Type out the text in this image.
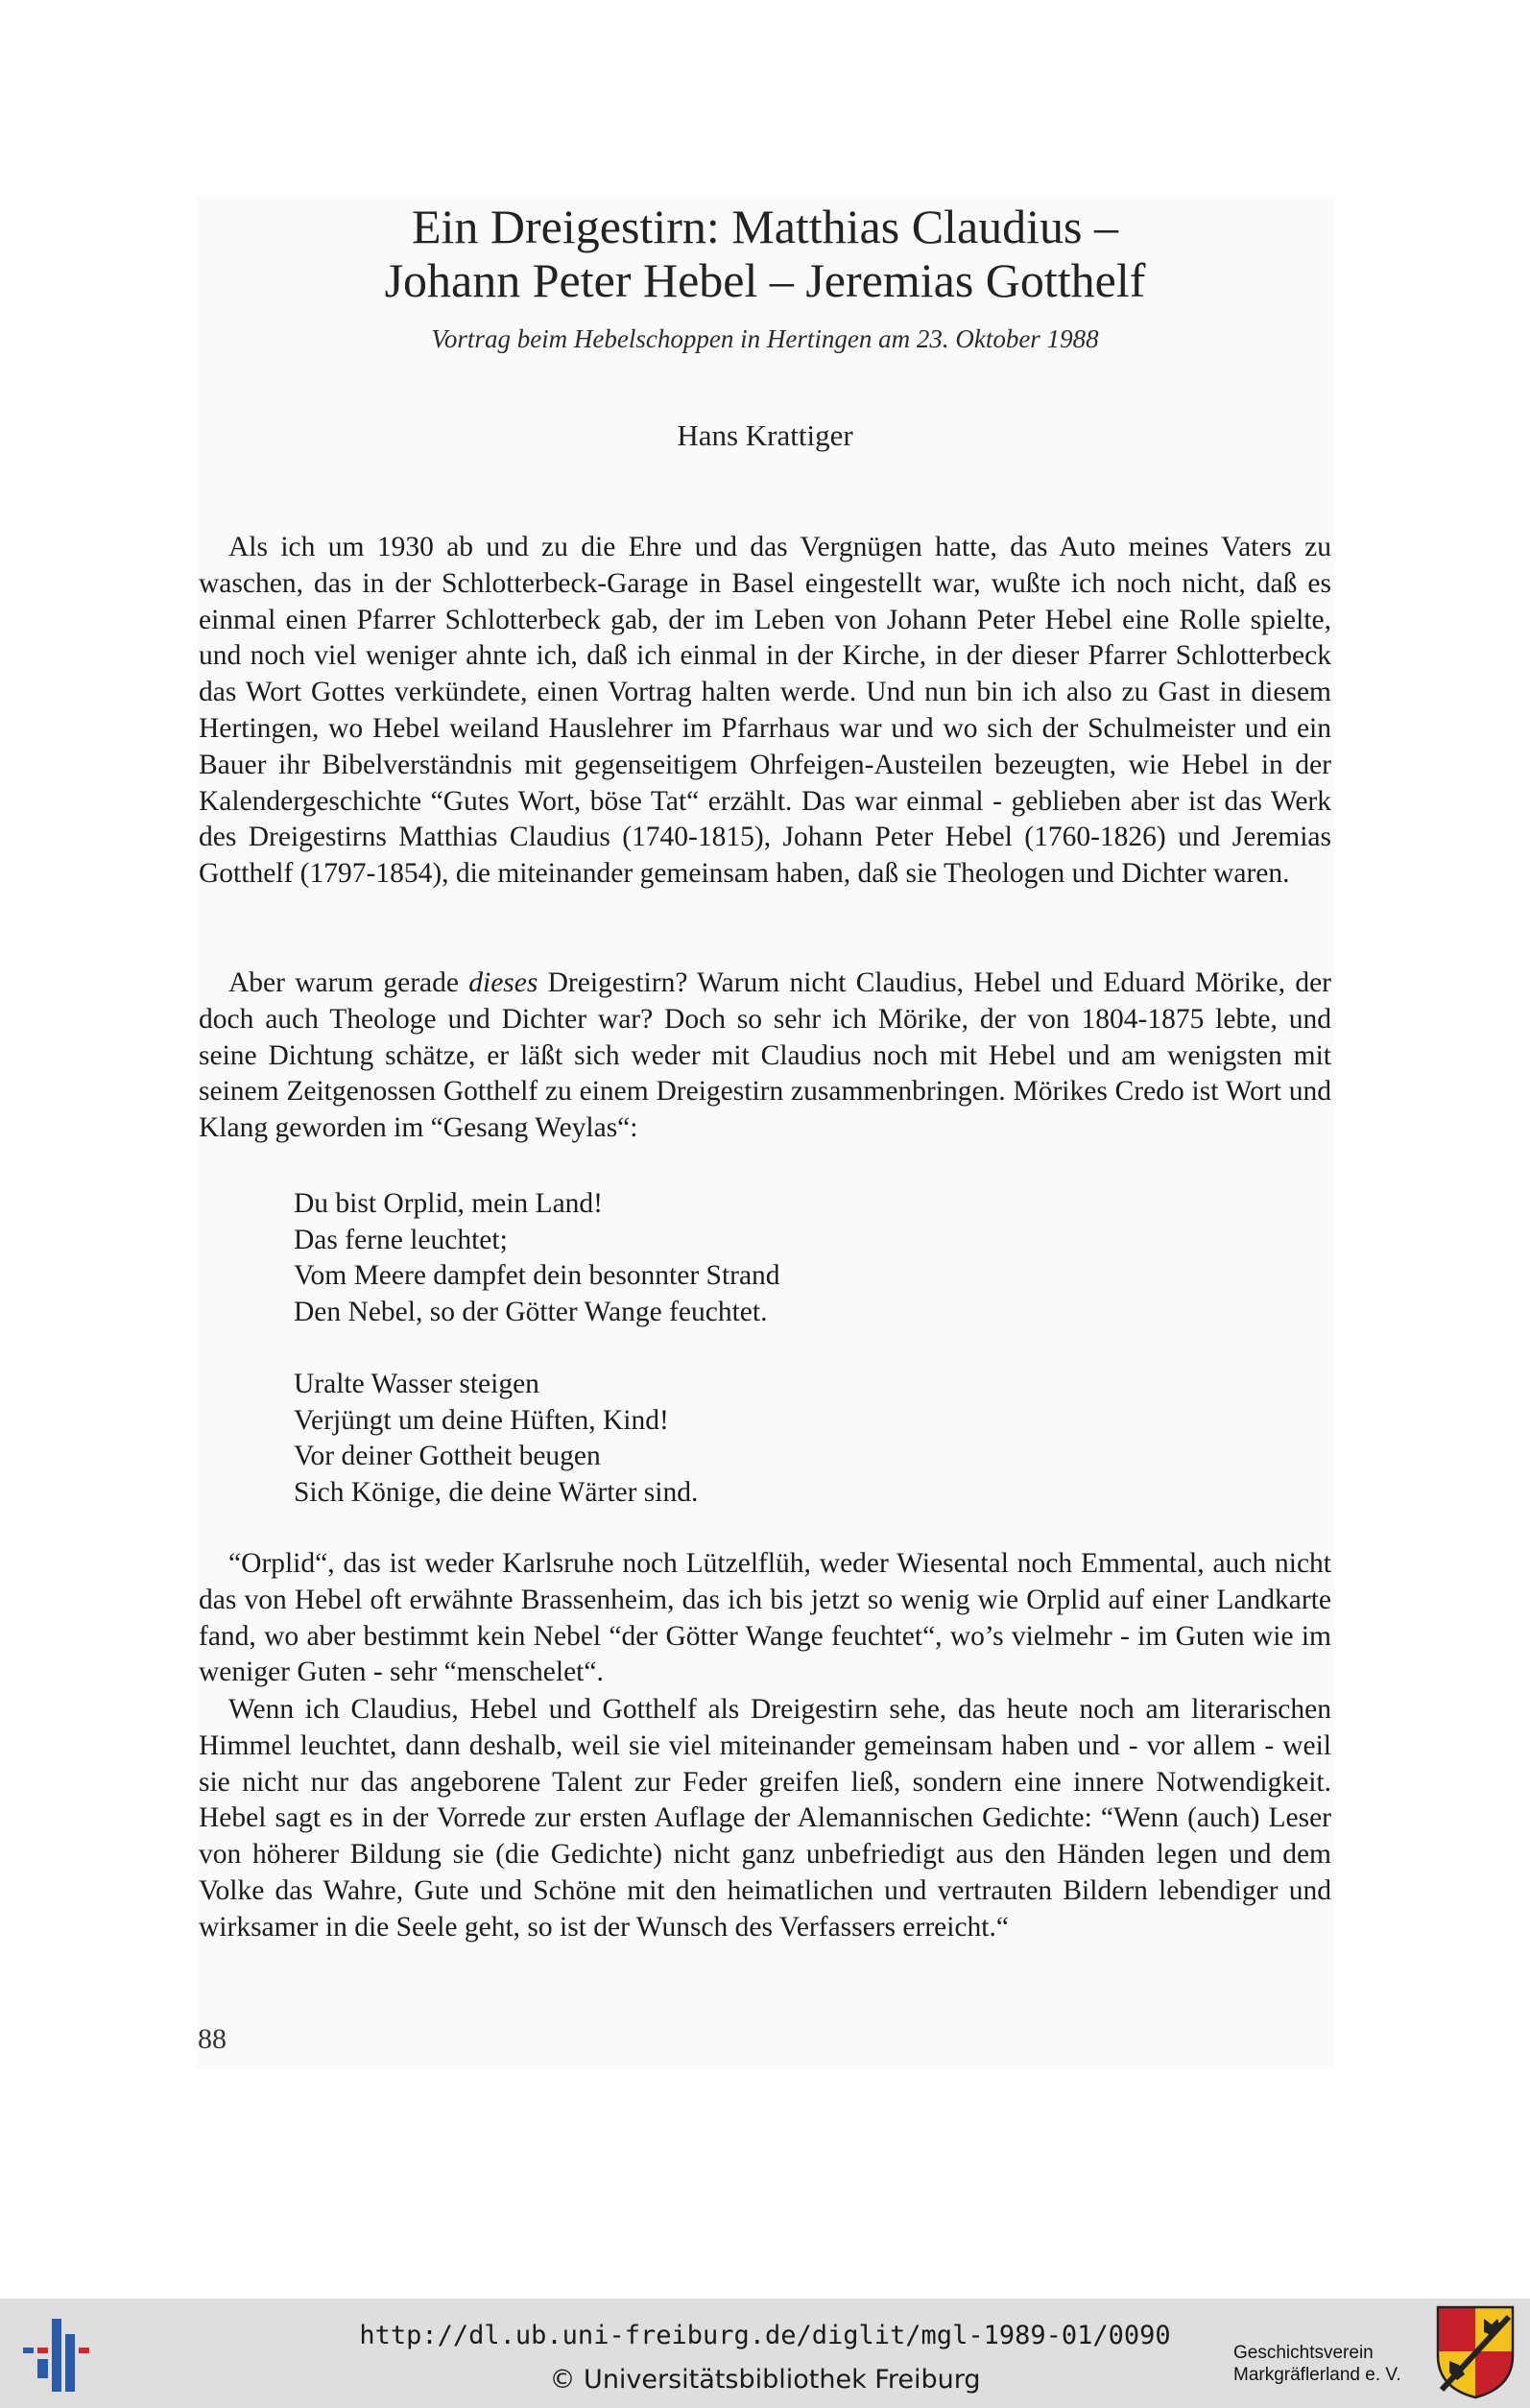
Ein Dreigestirn: Matthias Claudius –
Johann Peter Hebel – Jeremias Gotthelf
Vortrag beim Hebelschoppen in Hertingen am 23. Oktober 1988
Hans Krattiger

Als ich um 1930 ab und zu die Ehre und das Vergnügen hatte, das Auto meines Vaters zu waschen, das in der Schlotterbeck-Garage in Basel eingestellt war, wußte ich noch nicht, daß es einmal einen Pfarrer Schlotterbeck gab, der im Leben von Johann Peter Hebel eine Rolle spielte, und noch viel weniger ahnte ich, daß ich einmal in der Kirche, in der dieser Pfarrer Schlotterbeck das Wort Gottes verkündete, einen Vortrag halten werde. Und nun bin ich also zu Gast in diesem Hertingen, wo Hebel weiland Hauslehrer im Pfarrhaus war und wo sich der Schulmeister und ein Bauer ihr Bibelverständnis mit gegenseitigem Ohrfeigen-Austeilen bezeugten, wie Hebel in der Kalendergeschichte “Gutes Wort, böse Tat“ erzählt. Das war einmal - geblieben aber ist das Werk des Dreigestirns Matthias Claudius (1740-1815), Johann Peter Hebel (1760-1826) und Jeremias Gotthelf (1797-1854), die miteinander gemeinsam haben, daß sie Theologen und Dichter waren.

Aber warum gerade dieses Dreigestirn? Warum nicht Claudius, Hebel und Eduard Mörike, der doch auch Theologe und Dichter war? Doch so sehr ich Mörike, der von 1804-1875 lebte, und seine Dichtung schätze, er läßt sich weder mit Claudius noch mit Hebel und am wenigsten mit seinem Zeitgenossen Gotthelf zu einem Dreigestirn zusammenbringen. Mörikes Credo ist Wort und Klang geworden im “Gesang Weylas“:

Du bist Orplid, mein Land!
Das ferne leuchtet;
Vom Meere dampfet dein besonnter Strand
Den Nebel, so der Götter Wange feuchtet.
Uralte Wasser steigen
Verjüngt um deine Hüften, Kind!
Vor deiner Gottheit beugen
Sich Könige, die deine Wärter sind.

“Orplid“, das ist weder Karlsruhe noch Lützelflüh, weder Wiesental noch Emmental, auch nicht das von Hebel oft erwähnte Brassenheim, das ich bis jetzt so wenig wie Orplid auf einer Landkarte fand, wo aber bestimmt kein Nebel “der Götter Wange feuchtet“, wo’s vielmehr - im Guten wie im weniger Guten - sehr “menschelet“.

Wenn ich Claudius, Hebel und Gotthelf als Dreigestirn sehe, das heute noch am literarischen Himmel leuchtet, dann deshalb, weil sie viel miteinander gemeinsam haben und - vor allem - weil sie nicht nur das angeborene Talent zur Feder greifen ließ, sondern eine innere Notwendigkeit. Hebel sagt es in der Vorrede zur ersten Auflage der Alemannischen Gedichte: “Wenn (auch) Leser von höherer Bildung sie (die Gedichte) nicht ganz unbefriedigt aus den Händen legen und dem Volke das Wahre, Gute und Schöne mit den heimatlichen und vertrauten Bildern lebendiger und wirksamer in die Seele geht, so ist der Wunsch des Verfassers erreicht.“

88
http://dl.ub.uni-freiburg.de/diglit/mgl-1989-01/0090
© Universitätsbibliothek Freiburg
Geschichtsverein
Markgräflerland e. V.
